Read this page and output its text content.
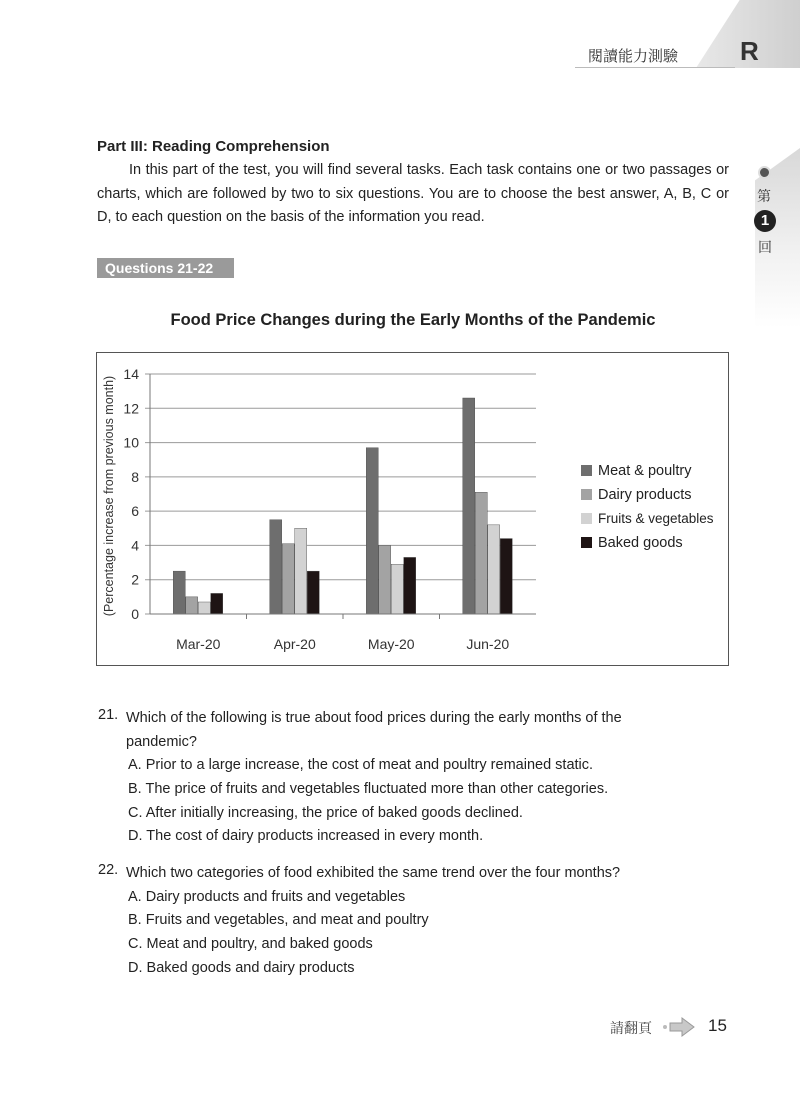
閱讀能力測驗 R
第
1
回
Part III: Reading Comprehension
In this part of the test, you will find several tasks. Each task contains one or two passages or charts, which are followed by two to six questions. You are to choose the best answer, A, B, C or D, to each question on the basis of the information you read.
Questions 21-22
Food Price Changes during the Early Months of the Pandemic
0
2
4
6
8
10
12
14
(Percentage increase from previous month)
Mar-20	Apr-20	May-20	Jun-20
Meat & poultry
Dairy products
Fruits & vegetables
Baked goods
21. Which of the following is true about food prices during the early months of the pandemic?
A. Prior to a large increase, the cost of meat and poultry remained static.
B. The price of fruits and vegetables fluctuated more than other categories.
C. After initially increasing, the price of baked goods declined.
D. The cost of dairy products increased in every month.
22. Which two categories of food exhibited the same trend over the four months?
A. Dairy products and fruits and vegetables
B. Fruits and vegetables, and meat and poultry
C. Meat and poultry, and baked goods
D. Baked goods and dairy products
請翻頁	15
